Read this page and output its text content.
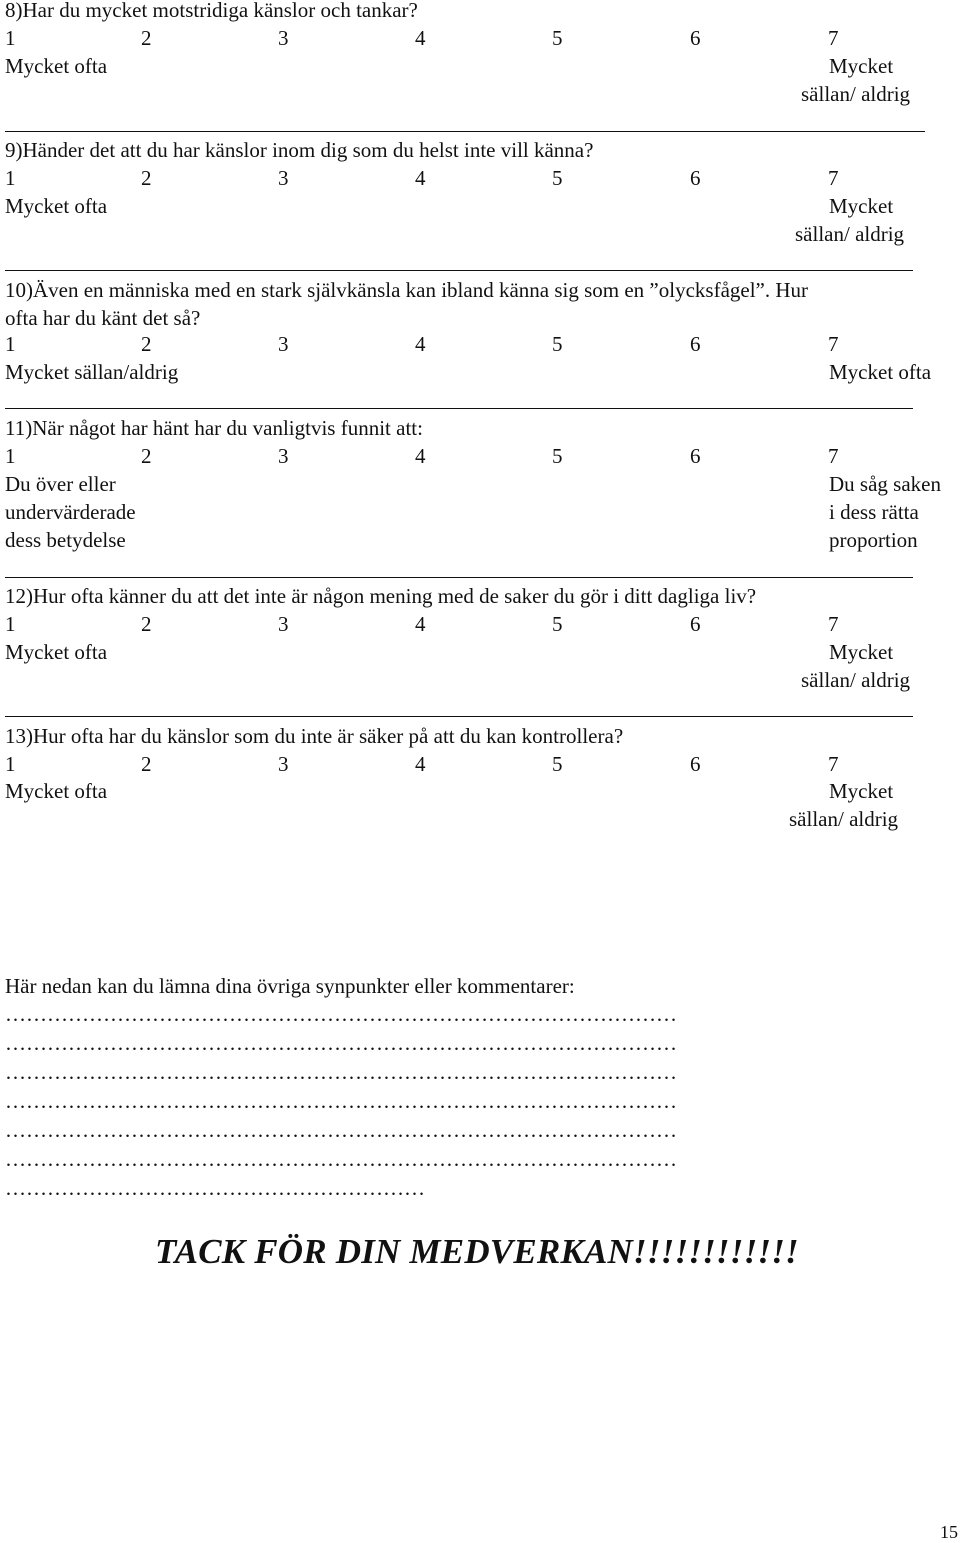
8)Har du mycket motstridiga känslor och tankar?
1	2	3	4	5	6	7
Mycket ofta	Mycket
sällan/ aldrig
9)Händer det att du har känslor inom dig som du helst inte vill känna?
1	2	3	4	5	6	7
Mycket ofta	Mycket
sällan/ aldrig
10)Även en människa med en stark självkänsla kan ibland känna sig som en ”olycksfågel”. Hur
ofta har du känt det så?
1	2	3	4	5	6	7
Mycket sällan/aldrig	Mycket ofta
11)När något har hänt har du vanligtvis funnit att:
1	2	3	4	5	6	7
Du över eller
undervärderade
dess betydelse
Du såg saken
i dess rätta
proportion
12)Hur ofta känner du att det inte är någon mening med de saker du gör i ditt dagliga liv?
1	2	3	4	5	6	7
Mycket ofta	Mycket
sällan/ aldrig
13)Hur ofta har du känslor som du inte är säker på att du kan kontrollera?
1	2	3	4	5	6	7
Mycket ofta	Mycket
sällan/ aldrig
Här nedan kan du lämna dina övriga synpunkter eller kommentarer:
……………………………………………………………………………………
……………………………………………………………………………………
……………………………………………………………………………………
……………………………………………………………………………………
……………………………………………………………………………………
……………………………………………………………………………………
……………………………………………………
TACK FÖR DIN MEDVERKAN!!!!!!!!!!!!
15
